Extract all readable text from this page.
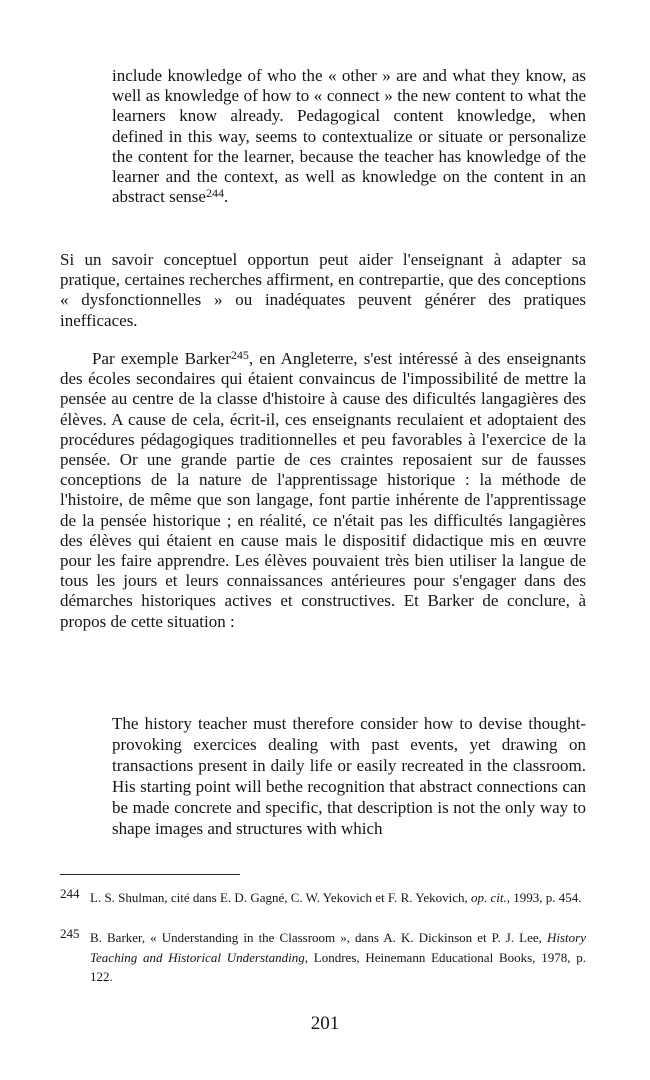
include knowledge of who the « other » are and what they know, as well as knowledge of how to « connect » the new content to what the learners know already. Pedagogical content knowledge, when defined in this way, seems to contextualize or situate or personalize the content for the learner, because the teacher has knowledge of the learner and the context, as well as knowledge on the content in an abstract sense$^{244}$.

Si un savoir conceptuel opportun peut aider l'enseignant à adapter sa pratique, certaines recherches affirment, en contrepartie, que des conceptions « dysfonctionnelles » ou inadéquates peuvent générer des pratiques inefficaces.

Par exemple Barker$^{245}$, en Angleterre, s'est intéressé à des enseignants des écoles secondaires qui étaient convaincus de l'impossibilité de mettre la pensée au centre de la classe d'histoire à cause des dificultés langagières des élèves. A cause de cela, écrit-il, ces enseignants reculaient et adoptaient des procédures pédagogiques traditionnelles et peu favorables à l'exercice de la pensée. Or une grande partie de ces craintes reposaient sur de fausses conceptions de la nature de l'apprentissage historique : la méthode de l'histoire, de même que son langage, font partie inhérente de l'apprentissage de la pensée historique ; en réalité, ce n'était pas les difficultés langagières des élèves qui étaient en cause mais le dispositif didactique mis en œuvre pour les faire apprendre. Les élèves pouvaient très bien utiliser la langue de tous les jours et leurs connaissances antérieures pour s'engager dans des démarches historiques actives et constructives. Et Barker de conclure, à propos de cette situation :

The history teacher must therefore consider how to devise thought-provoking exercices dealing with past events, yet drawing on transactions present in daily life or easily recreated in the classroom. His starting point will bethe recognition that abstract connections can be made concrete and specific, that description is not the only way to shape images and structures with which

244 L. S. Shulman, cité dans E. D. Gagné, C. W. Yekovich et F. R. Yekovich, op. cit., 1993, p. 454.
245 B. Barker, « Understanding in the Classroom », dans A. K. Dickinson et P. J. Lee, History Teaching and Historical Understanding, Londres, Heinemann Educational Books, 1978, p. 122.
201
